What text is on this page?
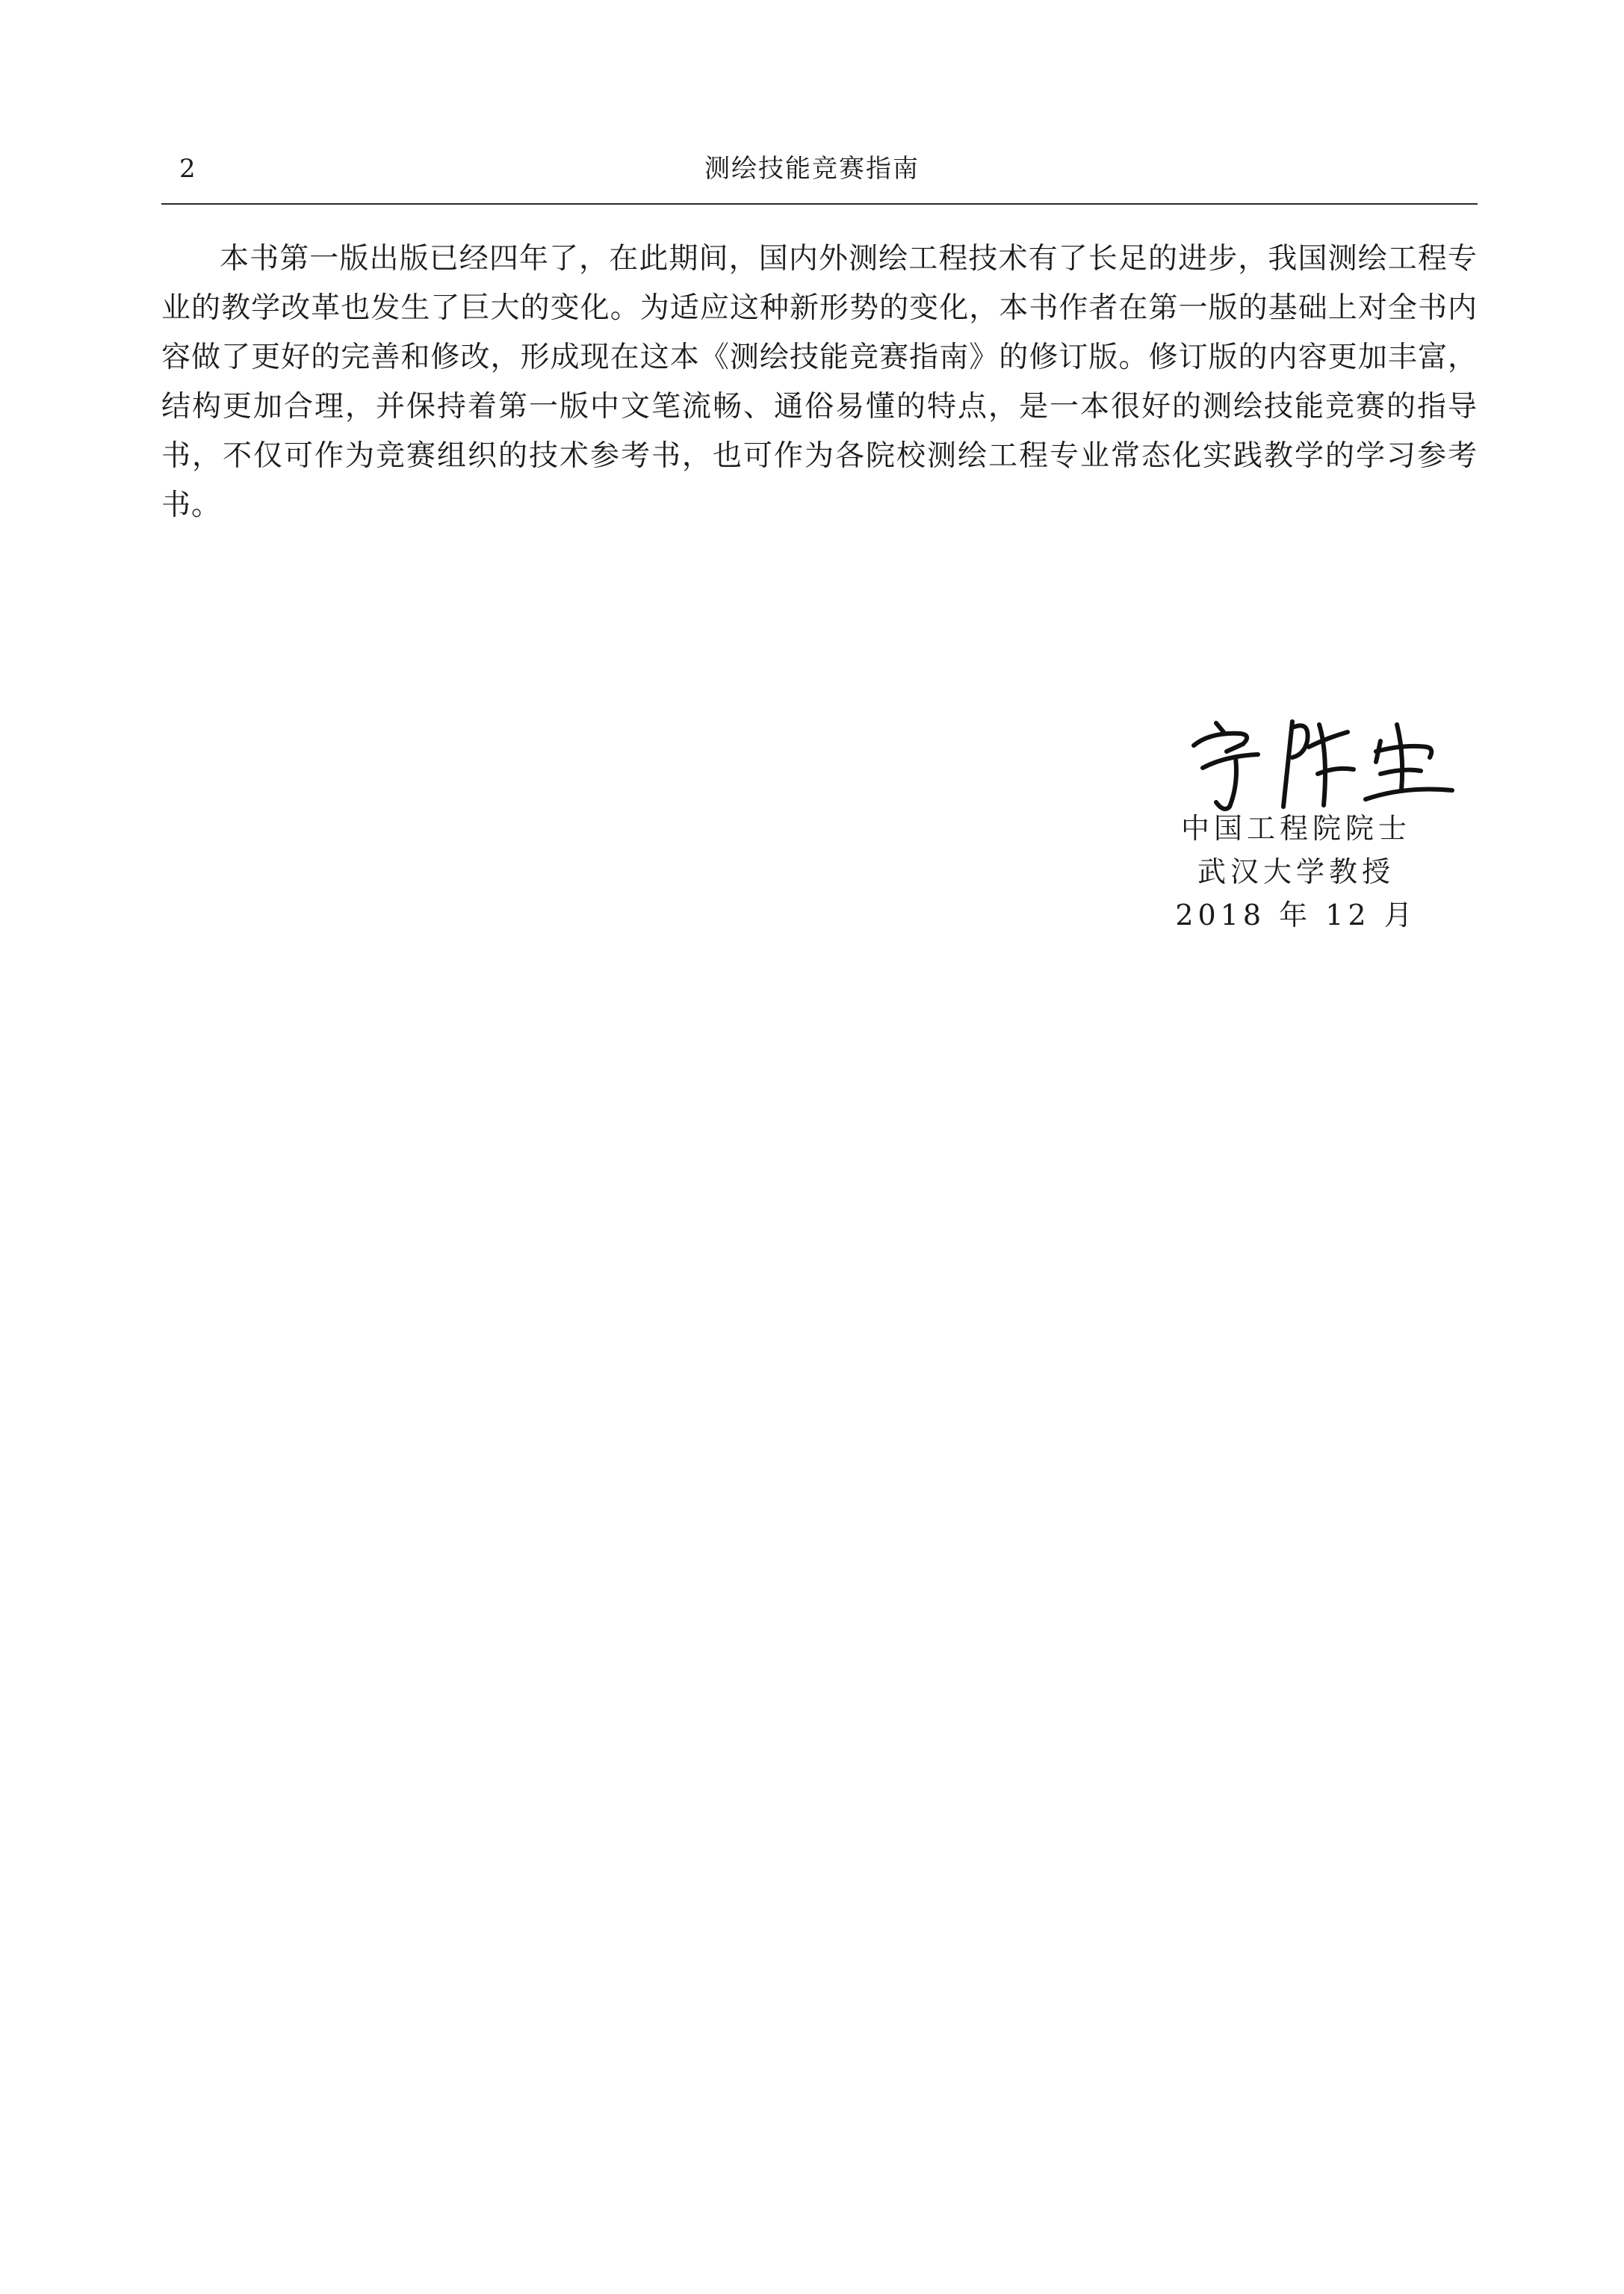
2	测绘技能竞赛指南
本书第一版出版已经四年了，在此期间，国内外测绘工程技术有了长足的进步，我国测绘工程专业的教学改革也发生了巨大的变化。为适应这种新形势的变化，本书作者在第一版的基础上对全书内容做了更好的完善和修改，形成现在这本《测绘技能竞赛指南》的修订版。修订版的内容更加丰富，结构更加合理，并保持着第一版中文笔流畅、通俗易懂的特点，是一本很好的测绘技能竞赛的指导书，不仅可作为竞赛组织的技术参考书，也可作为各院校测绘工程专业常态化实践教学的学习参考书。
中国工程院院士
武汉大学教授
2018 年 12 月
